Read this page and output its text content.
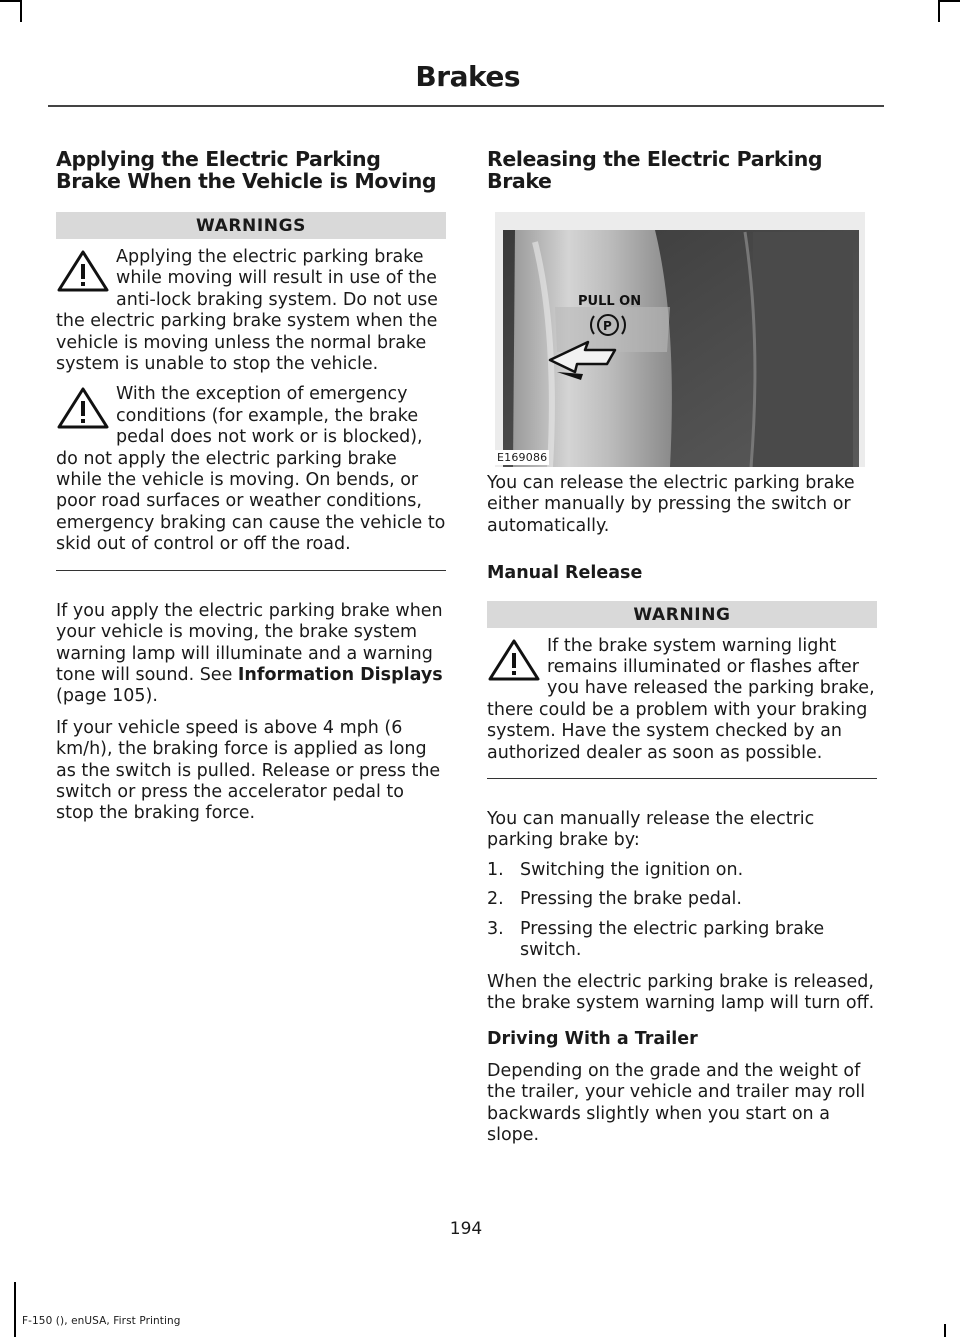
Brakes
Applying the Electric Parking Brake When the Vehicle is Moving
WARNINGS
Applying the electric parking brake while moving will result in use of the anti-lock braking system. Do not use the electric parking brake system when the vehicle is moving unless the normal brake system is unable to stop the vehicle.
With the exception of emergency conditions (for example, the brake pedal does not work or is blocked), do not apply the electric parking brake while the vehicle is moving. On bends, or poor road surfaces or weather conditions, emergency braking can cause the vehicle to skid out of control or off the road.

If you apply the electric parking brake when your vehicle is moving, the brake system warning lamp will illuminate and a warning tone will sound. See Information Displays (page 105).

If your vehicle speed is above 4 mph (6 km/h), the braking force is applied as long as the switch is pulled. Release or press the switch or press the accelerator pedal to stop the braking force.

Releasing the Electric Parking Brake
PULL ON
P
E169086

You can release the electric parking brake either manually by pressing the switch or automatically.

Manual Release
WARNING
If the brake system warning light remains illuminated or flashes after you have released the parking brake, there could be a problem with your braking system. Have the system checked by an authorized dealer as soon as possible.

You can manually release the electric parking brake by:

1. Switching the ignition on.
2. Pressing the brake pedal.
3. Pressing the electric parking brake switch.

When the electric parking brake is released, the brake system warning lamp will turn off.

Driving With a Trailer

Depending on the grade and the weight of the trailer, your vehicle and trailer may roll backwards slightly when you start on a slope.

194
F-150 (), enUSA, First Printing
